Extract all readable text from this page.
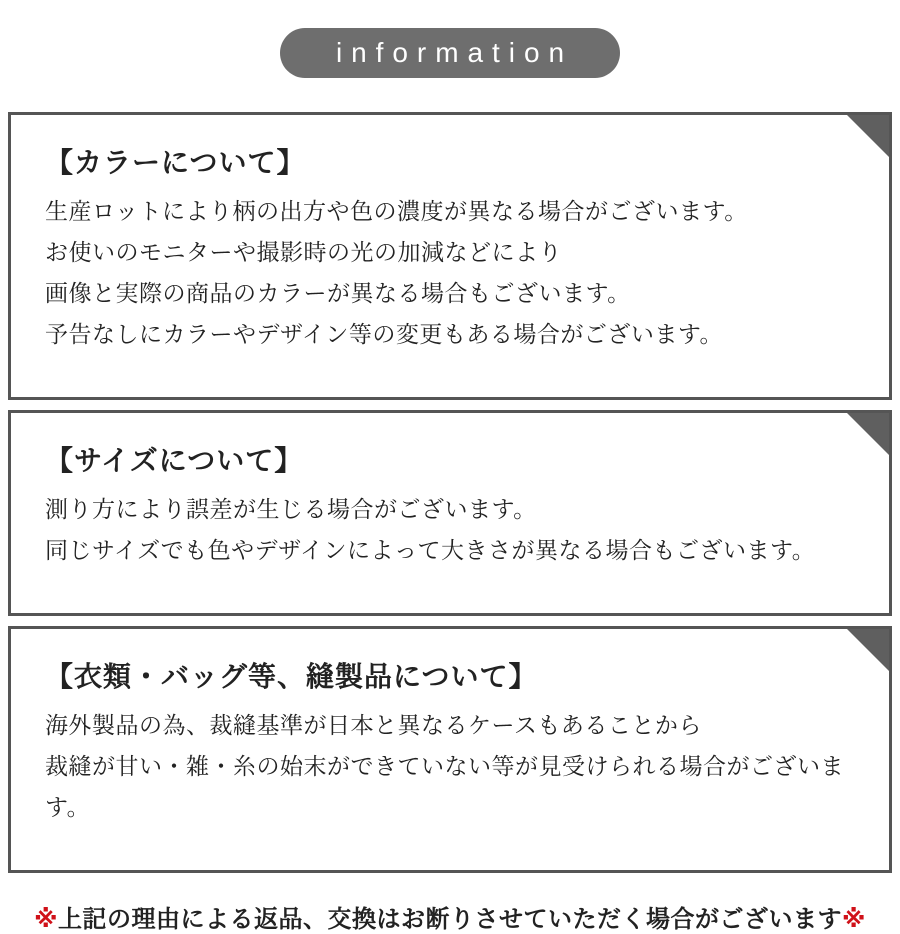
information
【カラーについて】
生産ロットにより柄の出方や色の濃度が異なる場合がございます。
お使いのモニターや撮影時の光の加減などにより
画像と実際の商品のカラーが異なる場合もございます。
予告なしにカラーやデザイン等の変更もある場合がございます。
【サイズについて】
測り方により誤差が生じる場合がございます。
同じサイズでも色やデザインによって大きさが異なる場合もございます。
【衣類・バッグ等、縫製品について】
海外製品の為、裁縫基準が日本と異なるケースもあることから
裁縫が甘い・雑・糸の始末ができていない等が見受けられる場合がございます。
※上記の理由による返品、交換はお断りさせていただく場合がございます※
